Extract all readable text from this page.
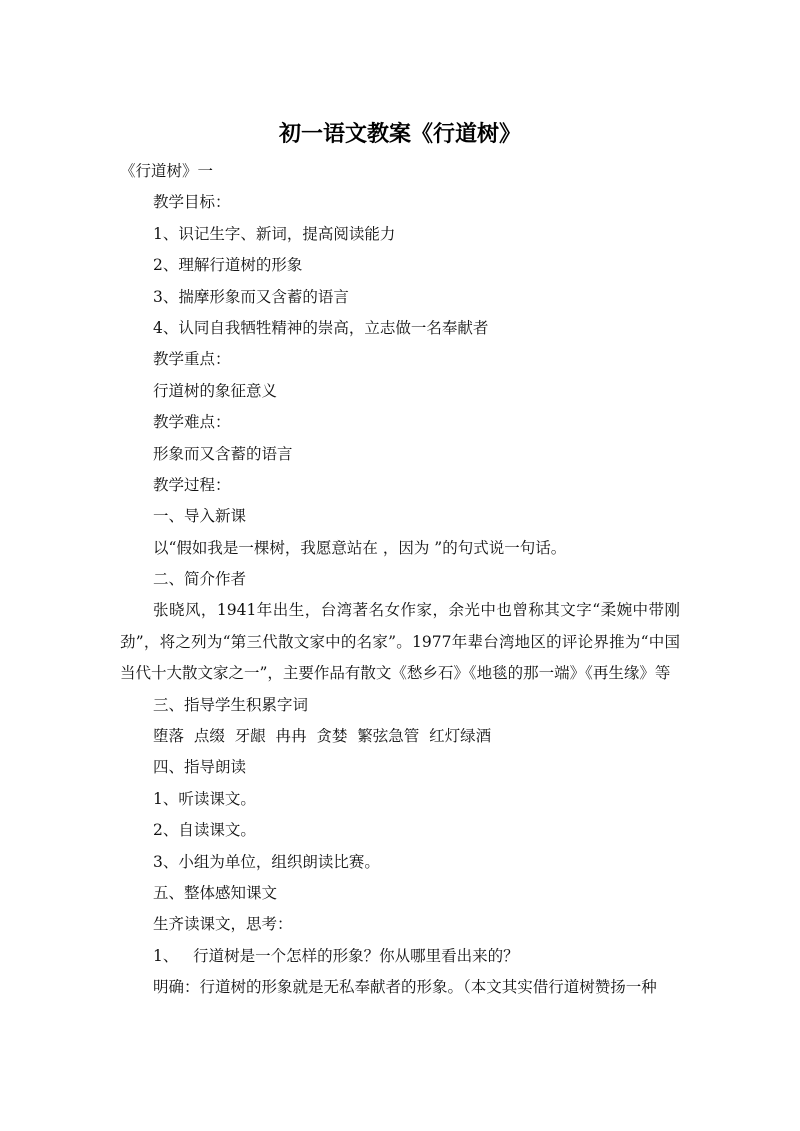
初一语文教案《行道树》
《行道树》一
教学目标：
1、识记生字、新词，提高阅读能力
2、理解行道树的形象
3、揣摩形象而又含蓄的语言
4、认同自我牺牲精神的崇高，立志做一名奉献者
教学重点：
行道树的象征意义
教学难点：
形象而又含蓄的语言
教学过程：
一、导入新课
以“假如我是一棵树，我愿意站在 ，因为 ”的句式说一句话。
二、简介作者
张晓风，1941年出生，台湾著名女作家，余光中也曾称其文字“柔婉中带刚劲”，将之列为“第三代散文家中的名家”。1977年辈台湾地区的评论界推为“中国当代十大散文家之一”，主要作品有散文《愁乡石》《地毯的那一端》《再生缘》等
三、指导学生积累字词
堕落  点缀  牙龈  冉冉  贪婪  繁弦急管  红灯绿酒
四、指导朗读
1、听读课文。
2、自读课文。
3、小组为单位，组织朗读比赛。
五、整体感知课文
生齐读课文，思考：
1、   行道树是一个怎样的形象？你从哪里看出来的？
明确：行道树的形象就是无私奉献者的形象。（本文其实借行道树赞扬一种
